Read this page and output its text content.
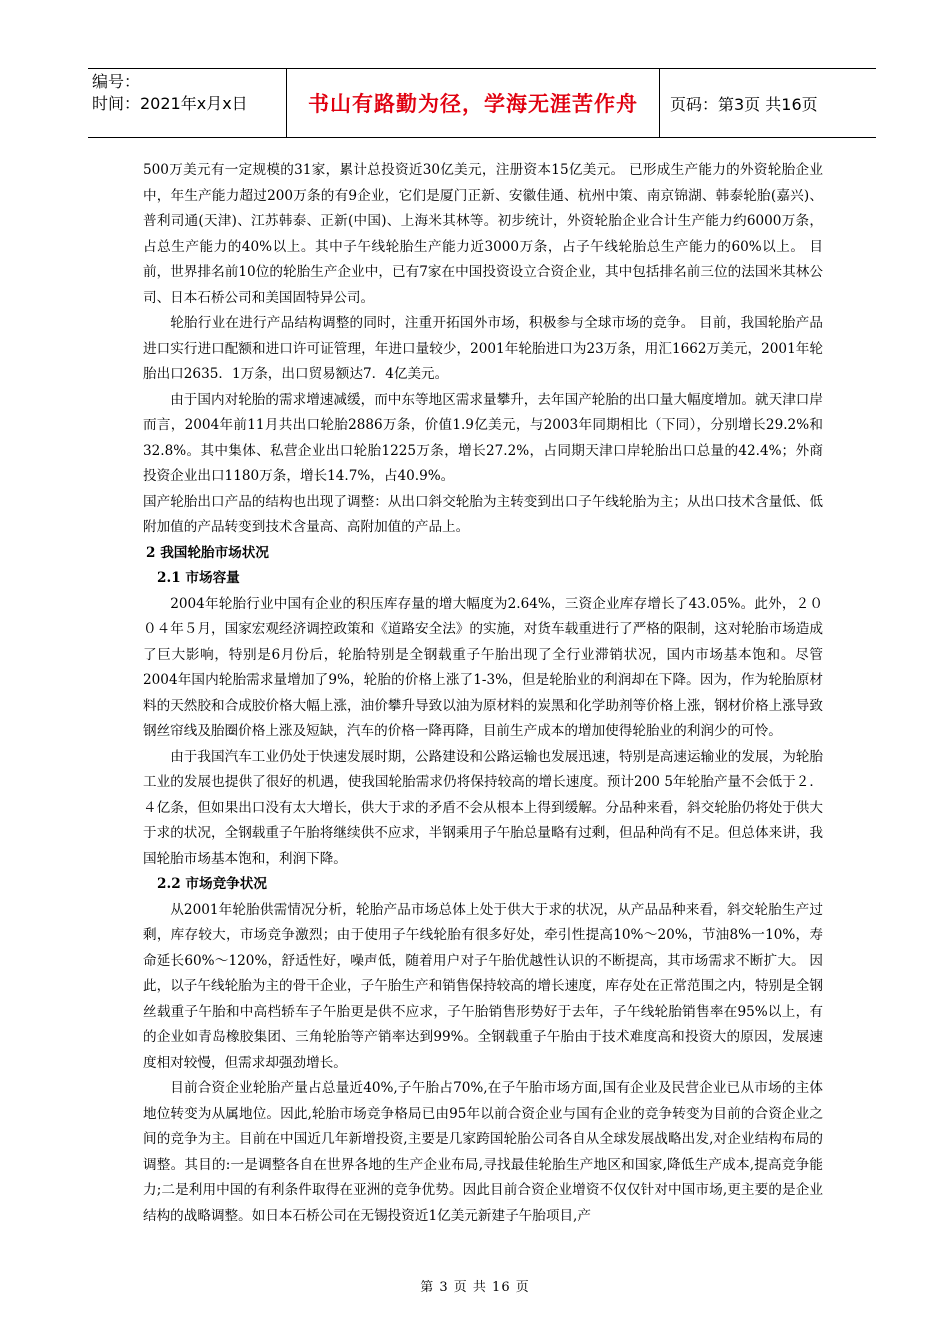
编号：
时间：2021年x月x日	书山有路勤为径，学海无涯苦作舟	页码：第3页 共16页

500万美元有一定规模的31家，累计总投资近30亿美元，注册资本15亿美元。 已形成生产能力的外资轮胎企业中，年生产能力超过200万条的有9企业，它们是厦门正新、安徽佳通、杭州中策、南京锦湖、韩泰轮胎(嘉兴)、普利司通(天津)、江苏韩泰、正新(中国)、上海米其林等。初步统计，外资轮胎企业合计生产能力约6000万条，占总生产能力的40%以上。其中子午线轮胎生产能力近3000万条，占子午线轮胎总生产能力的60%以上。 目前，世界排名前10位的轮胎生产企业中，已有7家在中国投资设立合资企业，其中包括排名前三位的法国米其林公司、日本石桥公司和美国固特异公司。

轮胎行业在进行产品结构调整的同时，注重开拓国外市场，积极参与全球市场的竞争。 目前，我国轮胎产品进口实行进口配额和进口许可证管理，年进口量较少，2001年轮胎进口为23万条，用汇1662万美元，2001年轮胎出口2635．1万条，出口贸易额达7．4亿美元。

由于国内对轮胎的需求增速减缓，而中东等地区需求量攀升，去年国产轮胎的出口量大幅度增加。就天津口岸而言，2004年前11月共出口轮胎2886万条，价值1.9亿美元，与2003年同期相比（下同），分别增长29.2%和32.8%。其中集体、私营企业出口轮胎1225万条，增长27.2%，占同期天津口岸轮胎出口总量的42.4%；外商投资企业出口1180万条，增长14.7%，占40.9%。

国产轮胎出口产品的结构也出现了调整：从出口斜交轮胎为主转变到出口子午线轮胎为主；从出口技术含量低、低附加值的产品转变到技术含量高、高附加值的产品上。

2 我国轮胎市场状况

2.1 市场容量

2004年轮胎行业中国有企业的积压库存量的增大幅度为2.64%，三资企业库存增长了43.05%。此外，２００４年５月，国家宏观经济调控政策和《道路安全法》的实施，对货车载重进行了严格的限制，这对轮胎市场造成了巨大影响，特别是6月份后，轮胎特别是全钢载重子午胎出现了全行业滞销状况，国内市场基本饱和。尽管2004年国内轮胎需求量增加了9%，轮胎的价格上涨了1-3%，但是轮胎业的利润却在下降。因为，作为轮胎原材料的天然胶和合成胶价格大幅上涨，油价攀升导致以油为原材料的炭黑和化学助剂等价格上涨，钢材价格上涨导致钢丝帘线及胎圈价格上涨及短缺，汽车的价格一降再降，目前生产成本的增加使得轮胎业的利润少的可怜。

由于我国汽车工业仍处于快速发展时期，公路建设和公路运输也发展迅速，特别是高速运输业的发展，为轮胎工业的发展也提供了很好的机遇，使我国轮胎需求仍将保持较高的增长速度。预计200 5年轮胎产量不会低于２．４亿条，但如果出口没有太大增长，供大于求的矛盾不会从根本上得到缓解。分品种来看，斜交轮胎仍将处于供大于求的状况，全钢载重子午胎将继续供不应求，半钢乘用子午胎总量略有过剩，但品种尚有不足。但总体来讲，我国轮胎市场基本饱和，利润下降。

2.2 市场竞争状况

从2001年轮胎供需情况分析，轮胎产品市场总体上处于供大于求的状况，从产品品种来看，斜交轮胎生产过剩，库存较大，市场竞争激烈；由于使用子午线轮胎有很多好处，牵引性提高10%～20%，节油8%一10%，寿命延长60%～120%，舒适性好，噪声低，随着用户对子午胎优越性认识的不断提高，其市场需求不断扩大。 因此，以子午线轮胎为主的骨干企业，子午胎生产和销售保持较高的增长速度，库存处在正常范围之内，特别是全钢丝载重子午胎和中高档轿车子午胎更是供不应求，子午胎销售形势好于去年，子午线轮胎销售率在95%以上，有的企业如青岛橡胶集团、三角轮胎等产销率达到99%。全钢载重子午胎由于技术难度高和投资大的原因，发展速度相对较慢，但需求却强劲增长。

目前合资企业轮胎产量占总量近40%,子午胎占70%,在子午胎市场方面,国有企业及民营企业已从市场的主体地位转变为从属地位。因此,轮胎市场竞争格局已由95年以前合资企业与国有企业的竞争转变为目前的合资企业之间的竞争为主。目前在中国近几年新增投资,主要是几家跨国轮胎公司各自从全球发展战略出发,对企业结构布局的调整。其目的:一是调整各自在世界各地的生产企业布局,寻找最佳轮胎生产地区和国家,降低生产成本,提高竞争能力;二是利用中国的有利条件取得在亚洲的竞争优势。因此目前合资企业增资不仅仅针对中国市场,更主要的是企业结构的战略调整。如日本石桥公司在无锡投资近1亿美元新建子午胎项目,产

第 3 页 共 16 页
